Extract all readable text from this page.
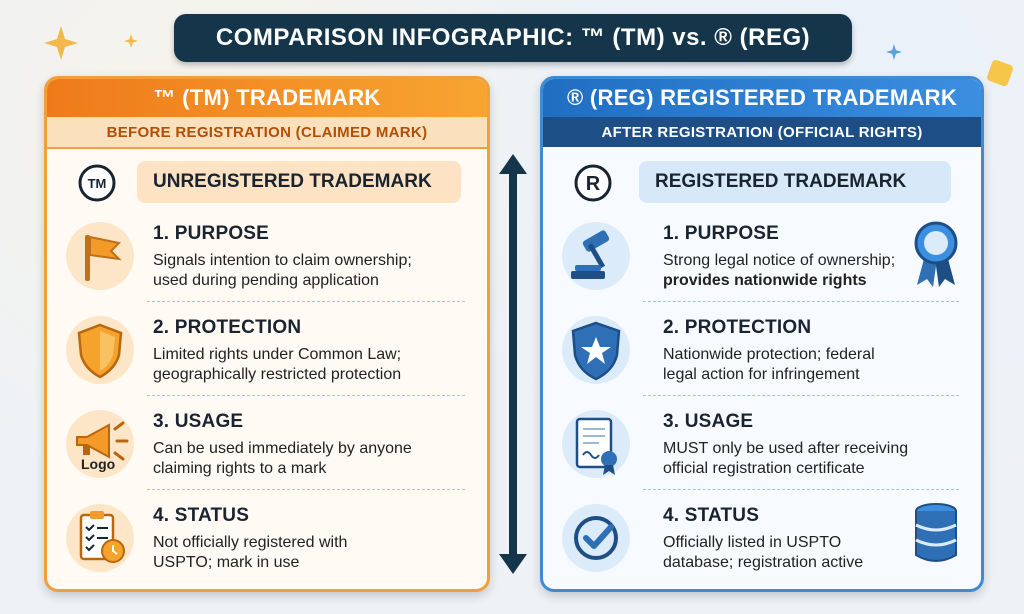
COMPARISON INFOGRAPHIC: ™ (TM) vs. ® (REG)
™ (TM) TRADEMARK
BEFORE REGISTRATION (CLAIMED MARK)
TM	UNREGISTERED TRADEMARK
1. PURPOSE
Signals intention to claim ownership;
used during pending application
2. PROTECTION
Limited rights under Common Law;
geographically restricted protection
Logo
3. USAGE
Can be used immediately by anyone
claiming rights to a mark
4. STATUS
Not officially registered with
USPTO; mark in use
® (REG) REGISTERED TRADEMARK
AFTER REGISTRATION (OFFICIAL RIGHTS)
R	REGISTERED TRADEMARK
1. PURPOSE
Strong legal notice of ownership;
provides nationwide rights
2. PROTECTION
Nationwide protection; federal
legal action for infringement
3. USAGE
MUST only be used after receiving
official registration certificate
4. STATUS
Officially listed in USPTO
database; registration active
